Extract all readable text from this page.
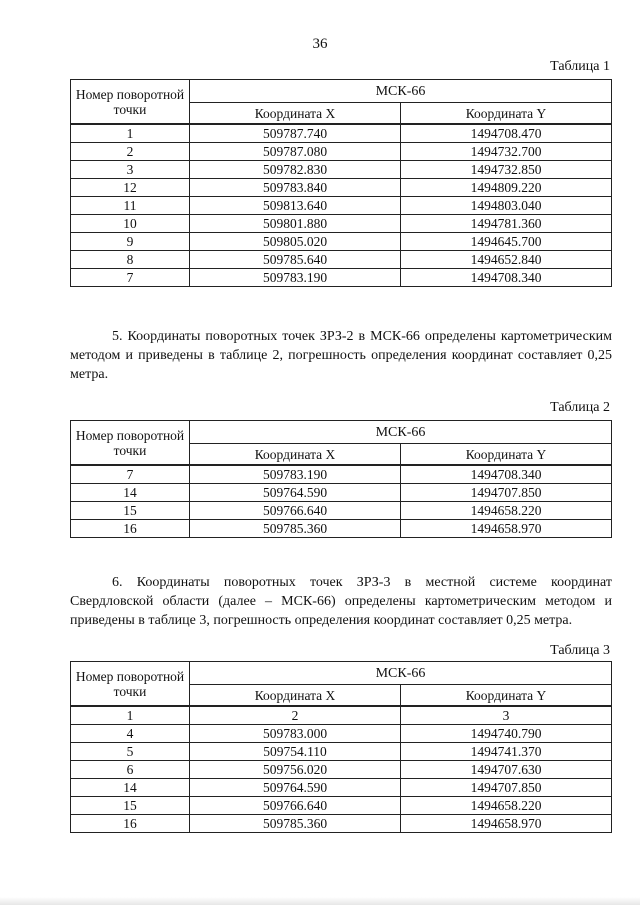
36
Таблица 1
Номер поворотной точки	МСК-66	
	Координата X	Координата Y
1	509787.740	1494708.470
2	509787.080	1494732.700
3	509782.830	1494732.850
12	509783.840	1494809.220
11	509813.640	1494803.040
10	509801.880	1494781.360
9	509805.020	1494645.700
8	509785.640	1494652.840
7	509783.190	1494708.340
5. Координаты поворотных точек ЗРЗ-2 в МСК-66 определены картометрическим методом и приведены в таблице 2, погрешность определения координат составляет 0,25 метра.
Таблица 2
Номер поворотной точки	МСК-66	
	Координата X	Координата Y
7	509783.190	1494708.340
14	509764.590	1494707.850
15	509766.640	1494658.220
16	509785.360	1494658.970
6. Координаты поворотных точек ЗРЗ-3 в местной системе координат Свердловской области (далее – МСК-66) определены картометрическим методом и приведены в таблице 3, погрешность определения координат составляет 0,25 метра.
Таблица 3
Номер поворотной точки	МСК-66	
	Координата X	Координата Y
1	2	3
4	509783.000	1494740.790
5	509754.110	1494741.370
6	509756.020	1494707.630
14	509764.590	1494707.850
15	509766.640	1494658.220
16	509785.360	1494658.970
